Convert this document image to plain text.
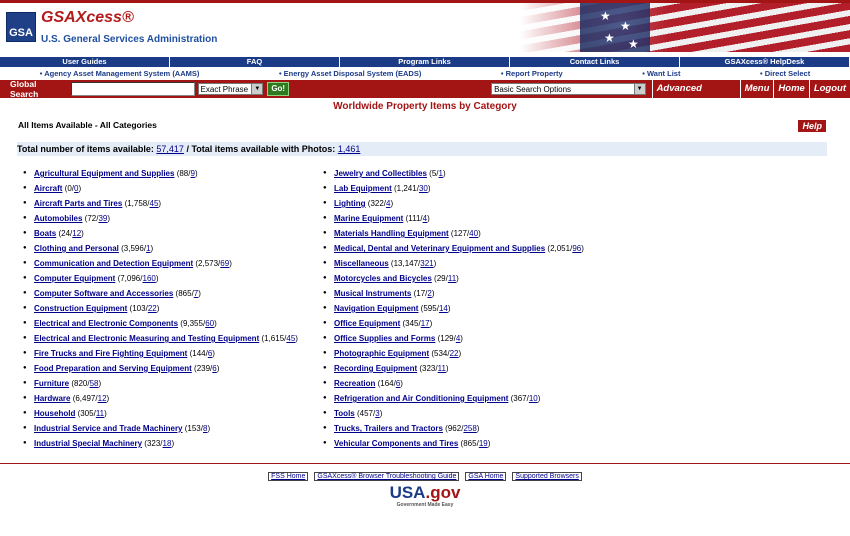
GSA
GSAXcess®
U.S. General Services Administration
★
★
★ ★
User Guides	FAQ	Program Links	Contact Links	GSAXcess® HelpDesk
• Agency Asset Management System (AAMS)	• Energy Asset Disposal System (EADS)	• Report Property	• Want List	• Direct Select
Global Search	Exact Phrase	▼	Go!	Basic Search Options	▼	Advanced Search
Menu Home Logout
Worldwide Property Items by Category
All Items Available - All Categories	Help
Total number of items available: 57,417 / Total items available with Photos: 1,461
● Agricultural Equipment and Supplies (88/9)
● Aircraft (0/0)
● Aircraft Parts and Tires (1,758/45)
● Automobiles (72/39)
● Boats (24/12)
● Clothing and Personal (3,596/1)
● Communication and Detection Equipment (2,573/69)
● Computer Equipment (7,096/160)
● Computer Software and Accessories (865/7)
● Construction Equipment (103/22)
● Electrical and Electronic Components (9,355/60)
● Electrical and Electronic Measuring and Testing Equipment (1,615/45)
● Fire Trucks and Fire Fighting Equipment (144/6)
● Food Preparation and Serving Equipment (239/6)
● Furniture (820/58)
● Hardware (6,497/12)
● Household (305/11)
● Industrial Service and Trade Machinery (153/8)
● Industrial Special Machinery (323/18)
● Jewelry and Collectibles (5/1)
● Lab Equipment (1,241/30)
● Lighting (322/4)
● Marine Equipment (111/4)
● Materials Handling Equipment (127/40)
● Medical, Dental and Veterinary Equipment and Supplies (2,051/96)
● Miscellaneous (13,147/321)
● Motorcycles and Bicycles (29/11)
● Musical Instruments (17/2)
● Navigation Equipment (595/14)
● Office Equipment (345/17)
● Office Supplies and Forms (129/4)
● Photographic Equipment (534/22)
● Recording Equipment (323/11)
● Recreation (164/6)
● Refrigeration and Air Conditioning Equipment (367/10)
● Tools (457/3)
● Trucks, Trailers and Tractors (962/258)
● Vehicular Components and Tires (865/19)
FSS Home	GSAXcess® Browser Troubleshooting Guide	GSA Home	Supported Browsers
USA.gov
Government Made Easy
